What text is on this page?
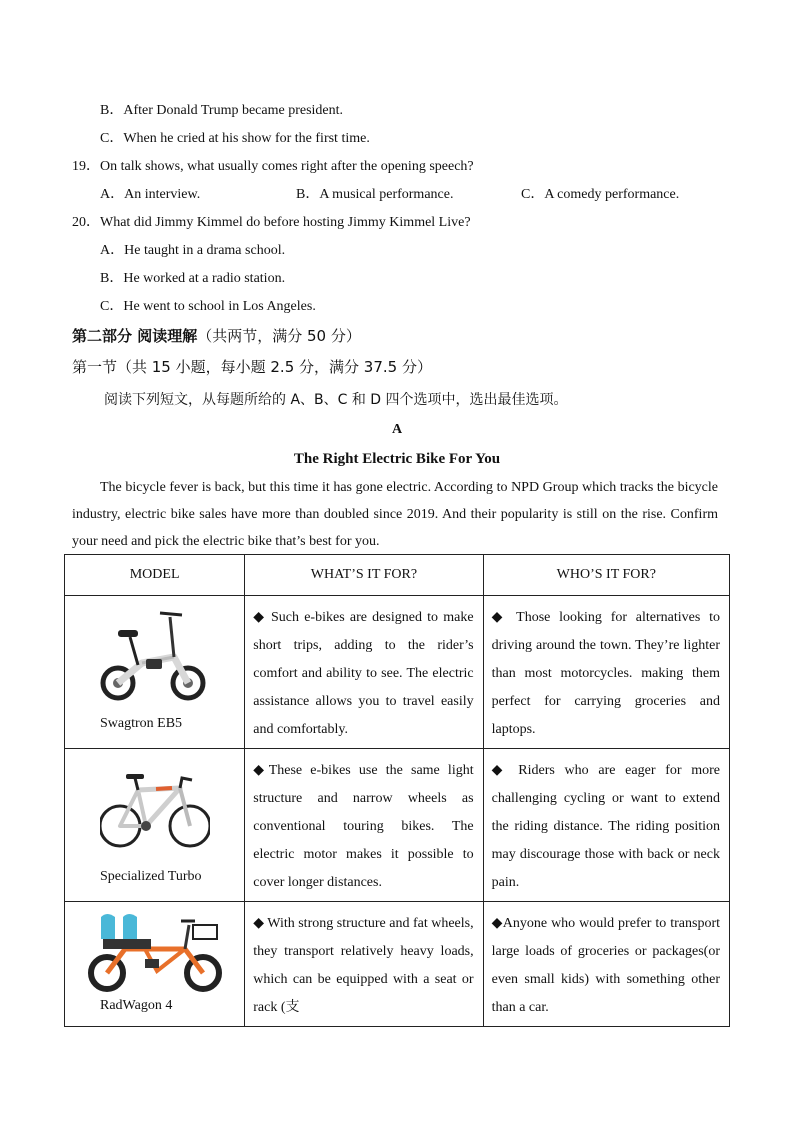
B．After Donald Trump became president.
C．When he cried at his show for the first time.
19．On talk shows, what usually comes right after the opening speech?
A．An interview.	B．A musical performance.	C．A comedy performance.
20．What did Jimmy Kimmel do before hosting Jimmy Kimmel Live?
A．He taught in a drama school.
B．He worked at a radio station.
C．He went to school in Los Angeles.
第二部分 阅读理解（共两节，满分 50 分）
第一节（共 15 小题，每小题 2.5 分，满分 37.5 分）
阅读下列短文，从每题所给的 A、B、C 和 D 四个选项中，选出最佳选项。
A
The Right Electric Bike For You
The bicycle fever is back, but this time it has gone electric. According to NPD Group which tracks the bicycle industry, electric bike sales have more than doubled since 2019. And their popularity is still on the rise. Confirm your need and pick the electric bike that’s best for you.
MODEL	WHAT’S IT FOR?	WHO’S IT FOR?

Swagtron EB5	◆ Such e-bikes are designed to make short trips, adding to the rider’s comfort and ability to see. The electric assistance allows you to travel easily and comfortably.	◆ Those looking for alternatives to driving around the town. They’re lighter than most motorcycles. making them perfect for carrying groceries and laptops.

Specialized Turbo	◆These e-bikes use the same light structure and narrow wheels as conventional touring bikes. The electric motor makes it possible to cover longer distances.	◆ Riders who are eager for more challenging cycling or want to extend the riding distance. The riding position may discourage those with back or neck pain.

RadWagon 4	◆ With strong structure and fat wheels, they transport relatively heavy loads, which can be equipped with a seat or rack (支	◆Anyone who would prefer to transport large loads of groceries or packages(or even small kids) with something other than a car.
